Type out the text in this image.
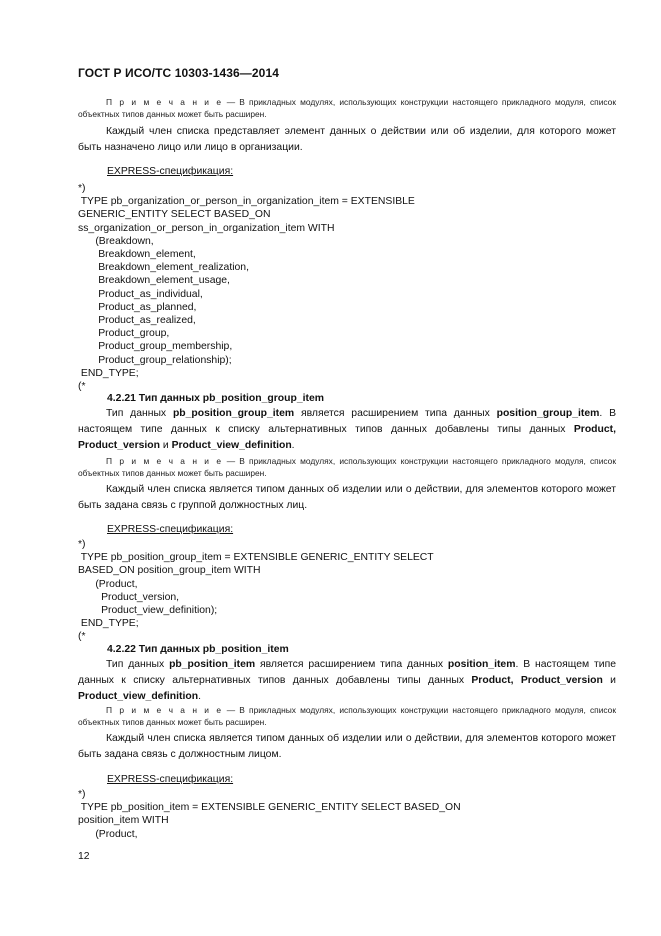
ГОСТ Р ИСО/ТС 10303-1436—2014
П р и м е ч а н и е — В прикладных модулях, использующих конструкции настоящего прикладного модуля, список объектных типов данных может быть расширен.
Каждый член списка представляет элемент данных о действии или об изделии, для которого может быть назначено лицо или лицо в организации.
EXPRESS-спецификация:
*)
TYPE pb_organization_or_person_in_organization_item = EXTENSIBLE
GENERIC_ENTITY SELECT BASED_ON
ss_organization_or_person_in_organization_item WITH
(Breakdown,
Breakdown_element,
Breakdown_element_realization,
Breakdown_element_usage,
Product_as_individual,
Product_as_planned,
Product_as_realized,
Product_group,
Product_group_membership,
Product_group_relationship);
END_TYPE;
(*
4.2.21 Тип данных pb_position_group_item
Тип данных pb_position_group_item является расширением типа данных position_group_item. В настоящем типе данных к списку альтернативных типов данных добавлены типы данных Product, Product_version и Product_view_definition.
П р и м е ч а н и е — В прикладных модулях, использующих конструкции настоящего прикладного модуля, список объектных типов данных может быть расширен.
Каждый член списка является типом данных об изделии или о действии, для элементов которого может быть задана связь с группой должностных лиц.
EXPRESS-спецификация:
*)
TYPE pb_position_group_item = EXTENSIBLE GENERIC_ENTITY SELECT
BASED_ON position_group_item WITH
(Product,
Product_version,
Product_view_definition);
END_TYPE;
(*
4.2.22 Тип данных pb_position_item
Тип данных pb_position_item является расширением типа данных position_item. В настоящем типе данных к списку альтернативных типов данных добавлены типы данных Product, Product_version и Product_view_definition.
П р и м е ч а н и е — В прикладных модулях, использующих конструкции настоящего прикладного модуля, список объектных типов данных может быть расширен.
Каждый член списка является типом данных об изделии или о действии, для элементов которого может быть задана связь с должностным лицом.
EXPRESS-спецификация:
*)
TYPE pb_position_item = EXTENSIBLE GENERIC_ENTITY SELECT BASED_ON
position_item WITH
(Product,
12
